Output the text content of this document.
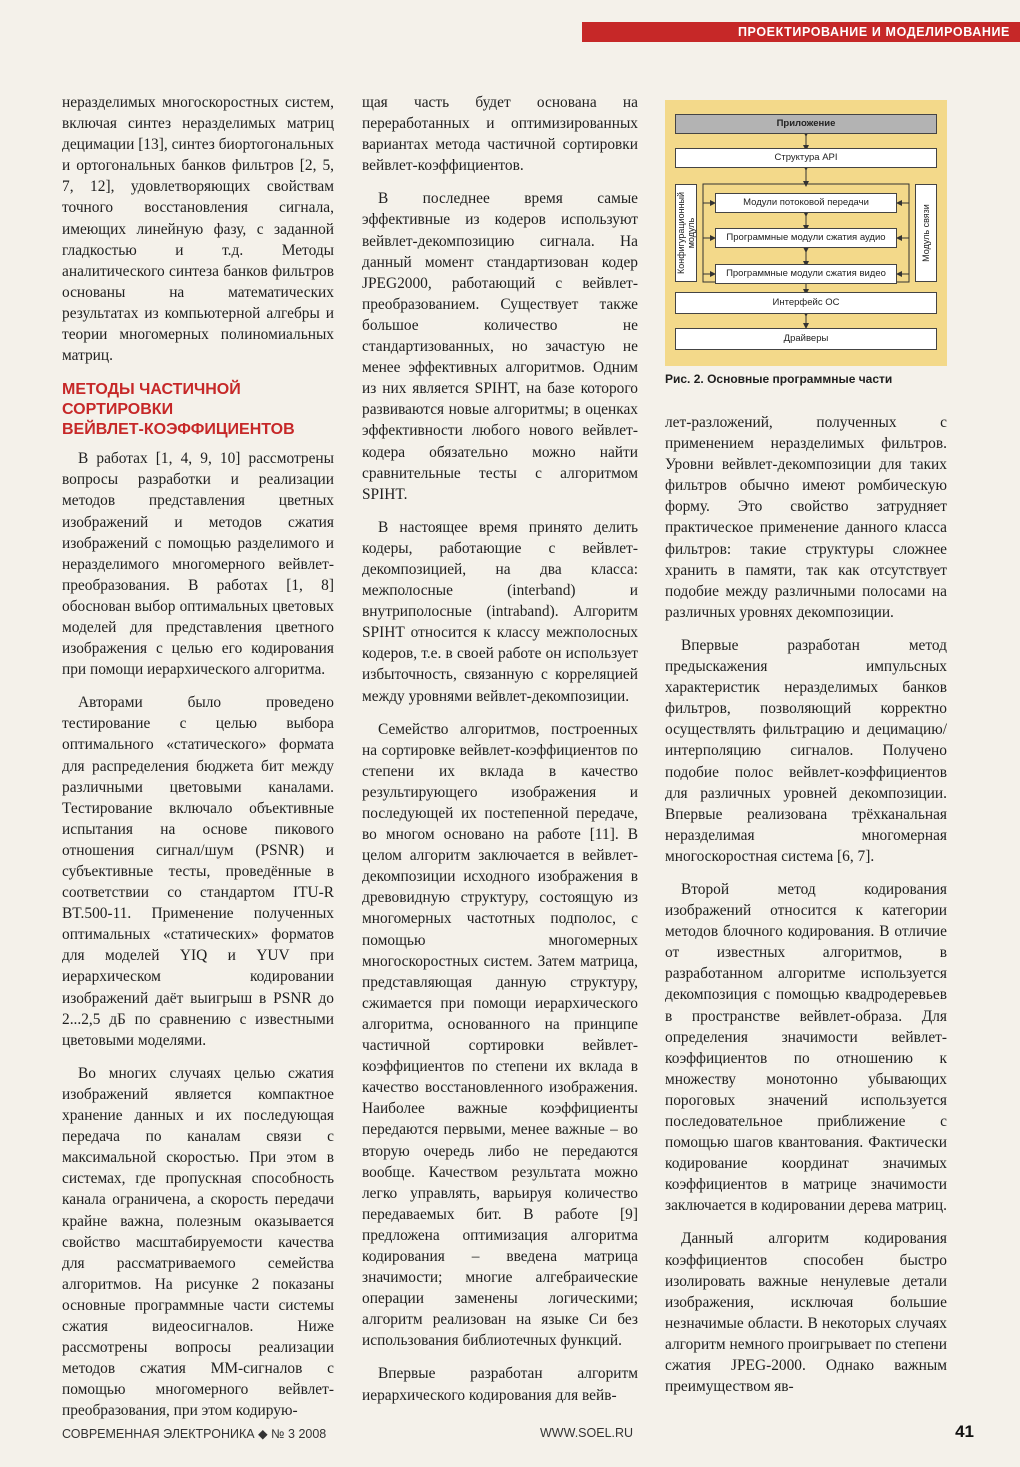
ПРОЕКТИРОВАНИЕ И МОДЕЛИРОВАНИЕ

неразделимых многоскоростных систем, включая синтез неразделимых матриц децимации [13], синтез биортогональных и ортогональных банков фильтров [2, 5, 7, 12], удовлетворяющих свойствам точного восстановления сигнала, имеющих линейную фазу, с заданной гладкостью и т.д. Методы аналитического синтеза банков фильтров основаны на математических результатах из компьютерной алгебры и теории многомерных полиномиальных матриц.

МЕТОДЫ ЧАСТИЧНОЙ
СОРТИРОВКИ
ВЕЙВЛЕТ-КОЭФФИЦИЕНТОВ

В работах [1, 4, 9, 10] рассмотрены вопросы разработки и реализации методов представления цветных изображений и методов сжатия изображений с помощью разделимого и неразделимого многомерного вейвлет-преобразования. В работах [1, 8] обоснован выбор оптимальных цветовых моделей для представления цветного изображения с целью его кодирования при помощи иерархического алгоритма.

Авторами было проведено тестирование с целью выбора оптимального «статического» формата для распределения бюджета бит между различными цветовыми каналами. Тестирование включало объективные испытания на основе пикового отношения сигнал/шум (PSNR) и субъективные тесты, проведённые в соответствии со стандартом ITU-R BT.500-11. Применение полученных оптимальных «статических» форматов для моделей YIQ и YUV при иерархическом кодировании изображений даёт выигрыш в PSNR до 2...2,5 дБ по сравнению с известными цветовыми моделями.

Во многих случаях целью сжатия изображений является компактное хранение данных и их последующая передача по каналам связи с максимальной скоростью. При этом в системах, где пропускная способность канала ограничена, а скорость передачи крайне важна, полезным оказывается свойство масштабируемости качества для рассматриваемого семейства алгоритмов. На рисунке 2 показаны основные программные части системы сжатия видеосигналов. Ниже рассмотрены вопросы реализации методов сжатия ММ-сигналов с помощью многомерного вейвлет-преобразования, при этом кодирую-

щая часть будет основана на переработанных и оптимизированных вариантах метода частичной сортировки вейвлет-коэффициентов.

В последнее время самые эффективные из кодеров используют вейвлет-декомпозицию сигнала. На данный момент стандартизован кодер JPEG2000, работающий с вейвлет-преобразованием. Существует также большое количество не стандартизованных, но зачастую не менее эффективных алгоритмов. Одним из них является SPIHT, на базе которого развиваются новые алгоритмы; в оценках эффективности любого нового вейвлет-кодера обязательно можно найти сравнительные тесты с алгоритмом SPIHT.

В настоящее время принято делить кодеры, работающие с вейвлет-декомпозицией, на два класса: межполосные (interband) и внутриполосные (intraband). Алгоритм SPIHT относится к классу межполосных кодеров, т.е. в своей работе он использует избыточность, связанную с корреляцией между уровнями вейвлет-декомпозиции.

Семейство алгоритмов, построенных на сортировке вейвлет-коэффициентов по степени их вклада в качество результирующего изображения и последующей их постепенной передаче, во многом основано на работе [11]. В целом алгоритм заключается в вейвлет-декомпозиции исходного изображения в древовидную структуру, состоящую из многомерных частотных подполос, с помощью многомерных многоскоростных систем. Затем матрица, представляющая данную структуру, сжимается при помощи иерархического алгоритма, основанного на принципе частичной сортировки вейвлет-коэффициентов по степени их вклада в качество восстановленного изображения. Наиболее важные коэффициенты передаются первыми, менее важные – во вторую очередь либо не передаются вообще. Качеством результата можно легко управлять, варьируя количество передаваемых бит. В работе [9] предложена оптимизация алгоритма кодирования – введена матрица значимости; многие алгебраические операции заменены логическими; алгоритм реализован на языке Си без использования библиотечных функций.

Впервые разработан алгоритм иерархического кодирования для вейв-

Приложение
Структура API
Конфигурационный модуль	Модуль связи
Модули потоковой передачи
Программные модули сжатия аудио
Программные модули сжатия видео
Интерфейс ОС
Драйверы
Рис. 2. Основные программные части

лет-разложений, полученных с применением неразделимых фильтров. Уровни вейвлет-декомпозиции для таких фильтров обычно имеют ромбическую форму. Это свойство затрудняет практическое применение данного класса фильтров: такие структуры сложнее хранить в памяти, так как отсутствует подобие между различными полосами на различных уровнях декомпозиции.

Впервые разработан метод предыскажения импульсных характеристик неразделимых банков фильтров, позволяющий корректно осуществлять фильтрацию и децимацию/интерполяцию сигналов. Получено подобие полос вейвлет-коэффициентов для различных уровней декомпозиции. Впервые реализована трёхканальная неразделимая многомерная многоскоростная система [6, 7].

Второй метод кодирования изображений относится к категории методов блочного кодирования. В отличие от известных алгоритмов, в разработанном алгоритме используется декомпозиция с помощью квадродеревьев в пространстве вейвлет-образа. Для определения значимости вейвлет-коэффициентов по отношению к множеству монотонно убывающих пороговых значений используется последовательное приближение с помощью шагов квантования. Фактически кодирование координат значимых коэффициентов в матрице значимости заключается в кодировании дерева матриц.

Данный алгоритм кодирования коэффициентов способен быстро изолировать важные ненулевые детали изображения, исключая большие незначимые области. В некоторых случаях алгоритм немного проигрывает по степени сжатия JPEG-2000. Однако важным преимуществом яв-

СОВРЕМЕННАЯ ЭЛЕКТРОНИКА ◆ № 3 2008	WWW.SOEL.RU	41
